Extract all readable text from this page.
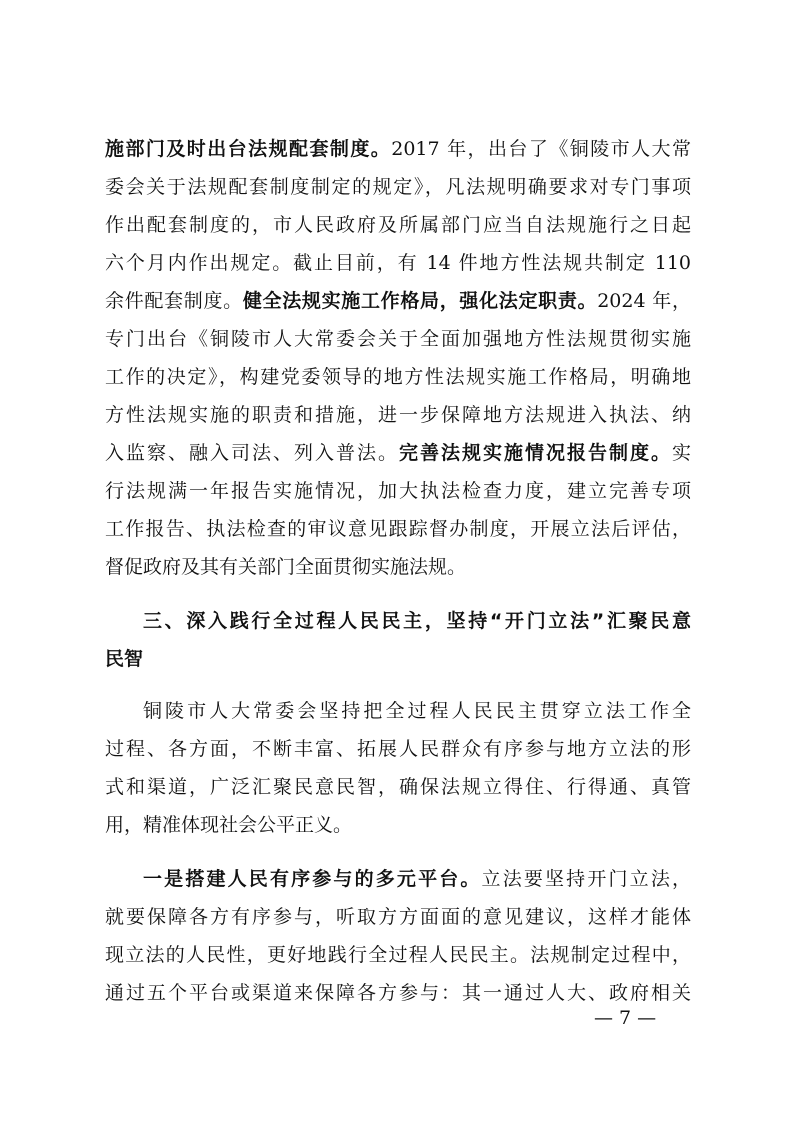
施部门及时出台法规配套制度。2017 年，出台了《铜陵市人大常
委会关于法规配套制度制定的规定》，凡法规明确要求对专门事项
作出配套制度的，市人民政府及所属部门应当自法规施行之日起
六个月内作出规定。截止目前，有 14 件地方性法规共制定 110
余件配套制度。健全法规实施工作格局，强化法定职责。2024 年，
专门出台《铜陵市人大常委会关于全面加强地方性法规贯彻实施
工作的决定》，构建党委领导的地方性法规实施工作格局，明确地
方性法规实施的职责和措施，进一步保障地方法规进入执法、纳
入监察、融入司法、列入普法。完善法规实施情况报告制度。实
行法规满一年报告实施情况，加大执法检查力度，建立完善专项
工作报告、执法检查的审议意见跟踪督办制度，开展立法后评估，
督促政府及其有关部门全面贯彻实施法规。
三、深入践行全过程人民民主，坚持“开门立法”汇聚民意
民智
铜陵市人大常委会坚持把全过程人民民主贯穿立法工作全
过程、各方面，不断丰富、拓展人民群众有序参与地方立法的形
式和渠道，广泛汇聚民意民智，确保法规立得住、行得通、真管
用，精准体现社会公平正义。
一是搭建人民有序参与的多元平台。立法要坚持开门立法，
就要保障各方有序参与，听取方方面面的意见建议，这样才能体
现立法的人民性，更好地践行全过程人民民主。法规制定过程中，
通过五个平台或渠道来保障各方参与：其一通过人大、政府相关
— 7 —
